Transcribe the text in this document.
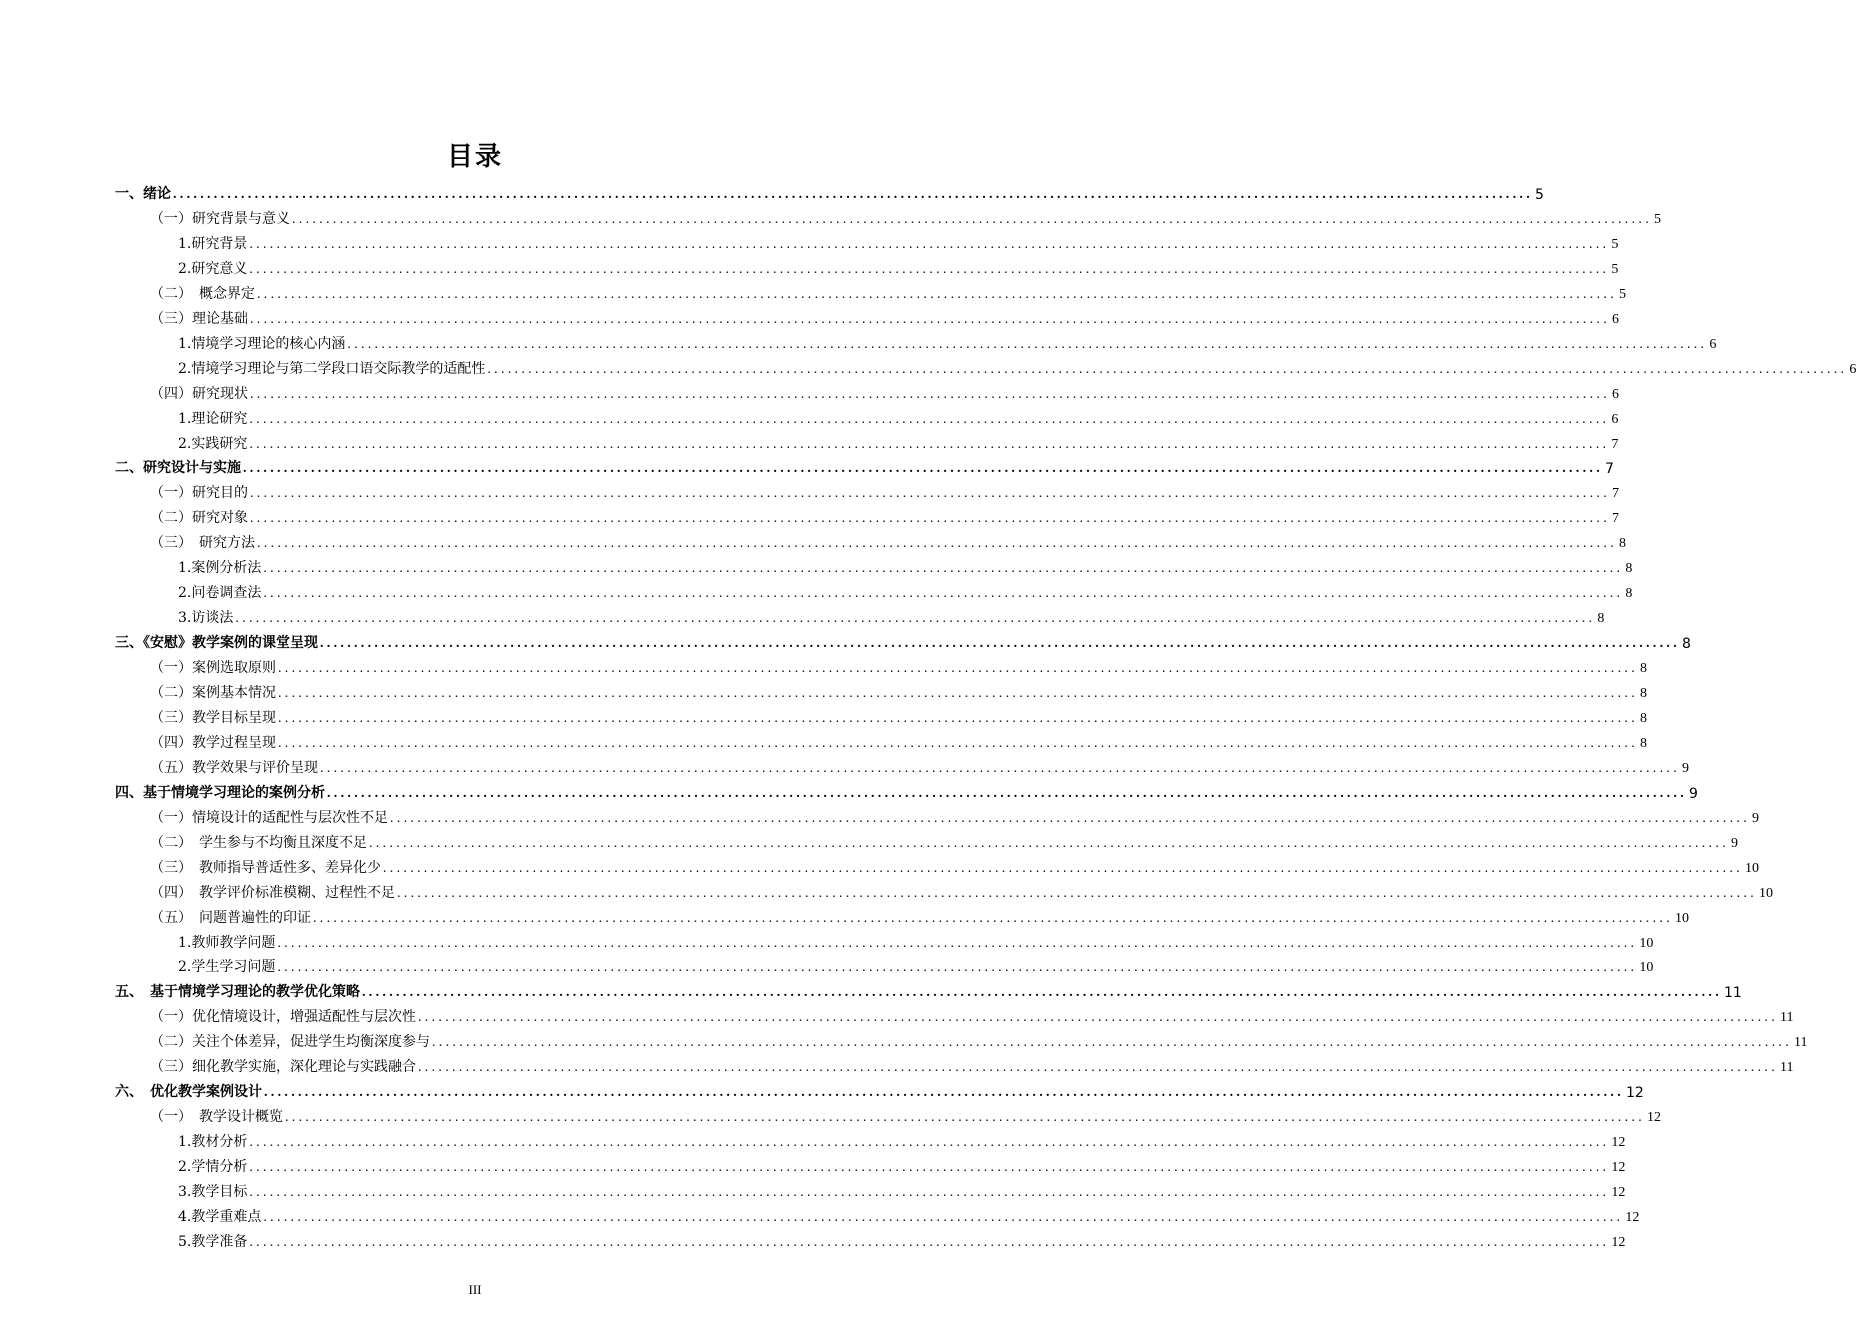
目录
一、绪论 ........................................................................................................................................................................................................ 5
（一）研究背景与意义 ........................................................................................................................................................................................................ 5
1.研究背景 ........................................................................................................................................................................................................ 5
2.研究意义 ........................................................................................................................................................................................................ 5
（二）　概念界定 ........................................................................................................................................................................................................ 5
（三）理论基础 ........................................................................................................................................................................................................ 6
1.情境学习理论的核心内涵 ........................................................................................................................................................................................................ 6
2.情境学习理论与第二学段口语交际教学的适配性 ........................................................................................................................................................................................................ 6
（四）研究现状 ........................................................................................................................................................................................................ 6
1.理论研究 ........................................................................................................................................................................................................ 6
2.实践研究 ........................................................................................................................................................................................................ 7
二、研究设计与实施 ........................................................................................................................................................................................................ 7
（一）研究目的 ........................................................................................................................................................................................................ 7
（二）研究对象 ........................................................................................................................................................................................................ 7
（三）　研究方法 ........................................................................................................................................................................................................ 8
1.案例分析法 ........................................................................................................................................................................................................ 8
2.问卷调查法 ........................................................................................................................................................................................................ 8
3.访谈法 ........................................................................................................................................................................................................ 8
三、《安慰》教学案例的课堂呈现 ........................................................................................................................................................................................................ 8
（一）案例选取原则 ........................................................................................................................................................................................................ 8
（二）案例基本情况 ........................................................................................................................................................................................................ 8
（三）教学目标呈现 ........................................................................................................................................................................................................ 8
（四）教学过程呈现 ........................................................................................................................................................................................................ 8
（五）教学效果与评价呈现 ........................................................................................................................................................................................................ 9
四、基于情境学习理论的案例分析 ........................................................................................................................................................................................................ 9
（一）情境设计的适配性与层次性不足 ........................................................................................................................................................................................................ 9
（二）　学生参与不均衡且深度不足 ........................................................................................................................................................................................................ 9
（三）　教师指导普适性多、差异化少 ........................................................................................................................................................................................................ 10
（四）　教学评价标准模糊、过程性不足 ........................................................................................................................................................................................................ 10
（五）　问题普遍性的印证 ........................................................................................................................................................................................................ 10
1.教师教学问题 ........................................................................................................................................................................................................ 10
2.学生学习问题 ........................................................................................................................................................................................................ 10
五、　基于情境学习理论的教学优化策略 ........................................................................................................................................................................................................ 11
（一）优化情境设计，增强适配性与层次性 ........................................................................................................................................................................................................ 11
（二）关注个体差异，促进学生均衡深度参与 ........................................................................................................................................................................................................ 11
（三）细化教学实施，深化理论与实践融合 ........................................................................................................................................................................................................ 11
六、　优化教学案例设计 ........................................................................................................................................................................................................ 12
（一）　教学设计概览 ........................................................................................................................................................................................................ 12
1.教材分析 ........................................................................................................................................................................................................ 12
2.学情分析 ........................................................................................................................................................................................................ 12
3.教学目标 ........................................................................................................................................................................................................ 12
4.教学重难点 ........................................................................................................................................................................................................ 12
5.教学准备 ........................................................................................................................................................................................................ 12
III
